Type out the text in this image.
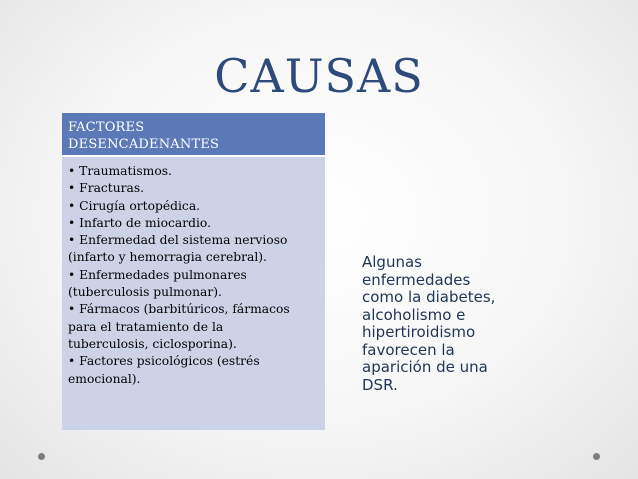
CAUSAS
FACTORES
DESENCADENANTES
• Traumatismos.
• Fracturas.
• Cirugía ortopédica.
• Infarto de miocardio.
• Enfermedad del sistema nervioso
(infarto y hemorragia cerebral).
• Enfermedades pulmonares
(tuberculosis pulmonar).
• Fármacos (barbitúricos, fármacos
para el tratamiento de la
tuberculosis, ciclosporina).
• Factores psicológicos (estrés
emocional).
Algunas
enfermedades
como la diabetes,
alcoholismo e
hipertiroidismo
favorecen la
aparición de una
DSR.
